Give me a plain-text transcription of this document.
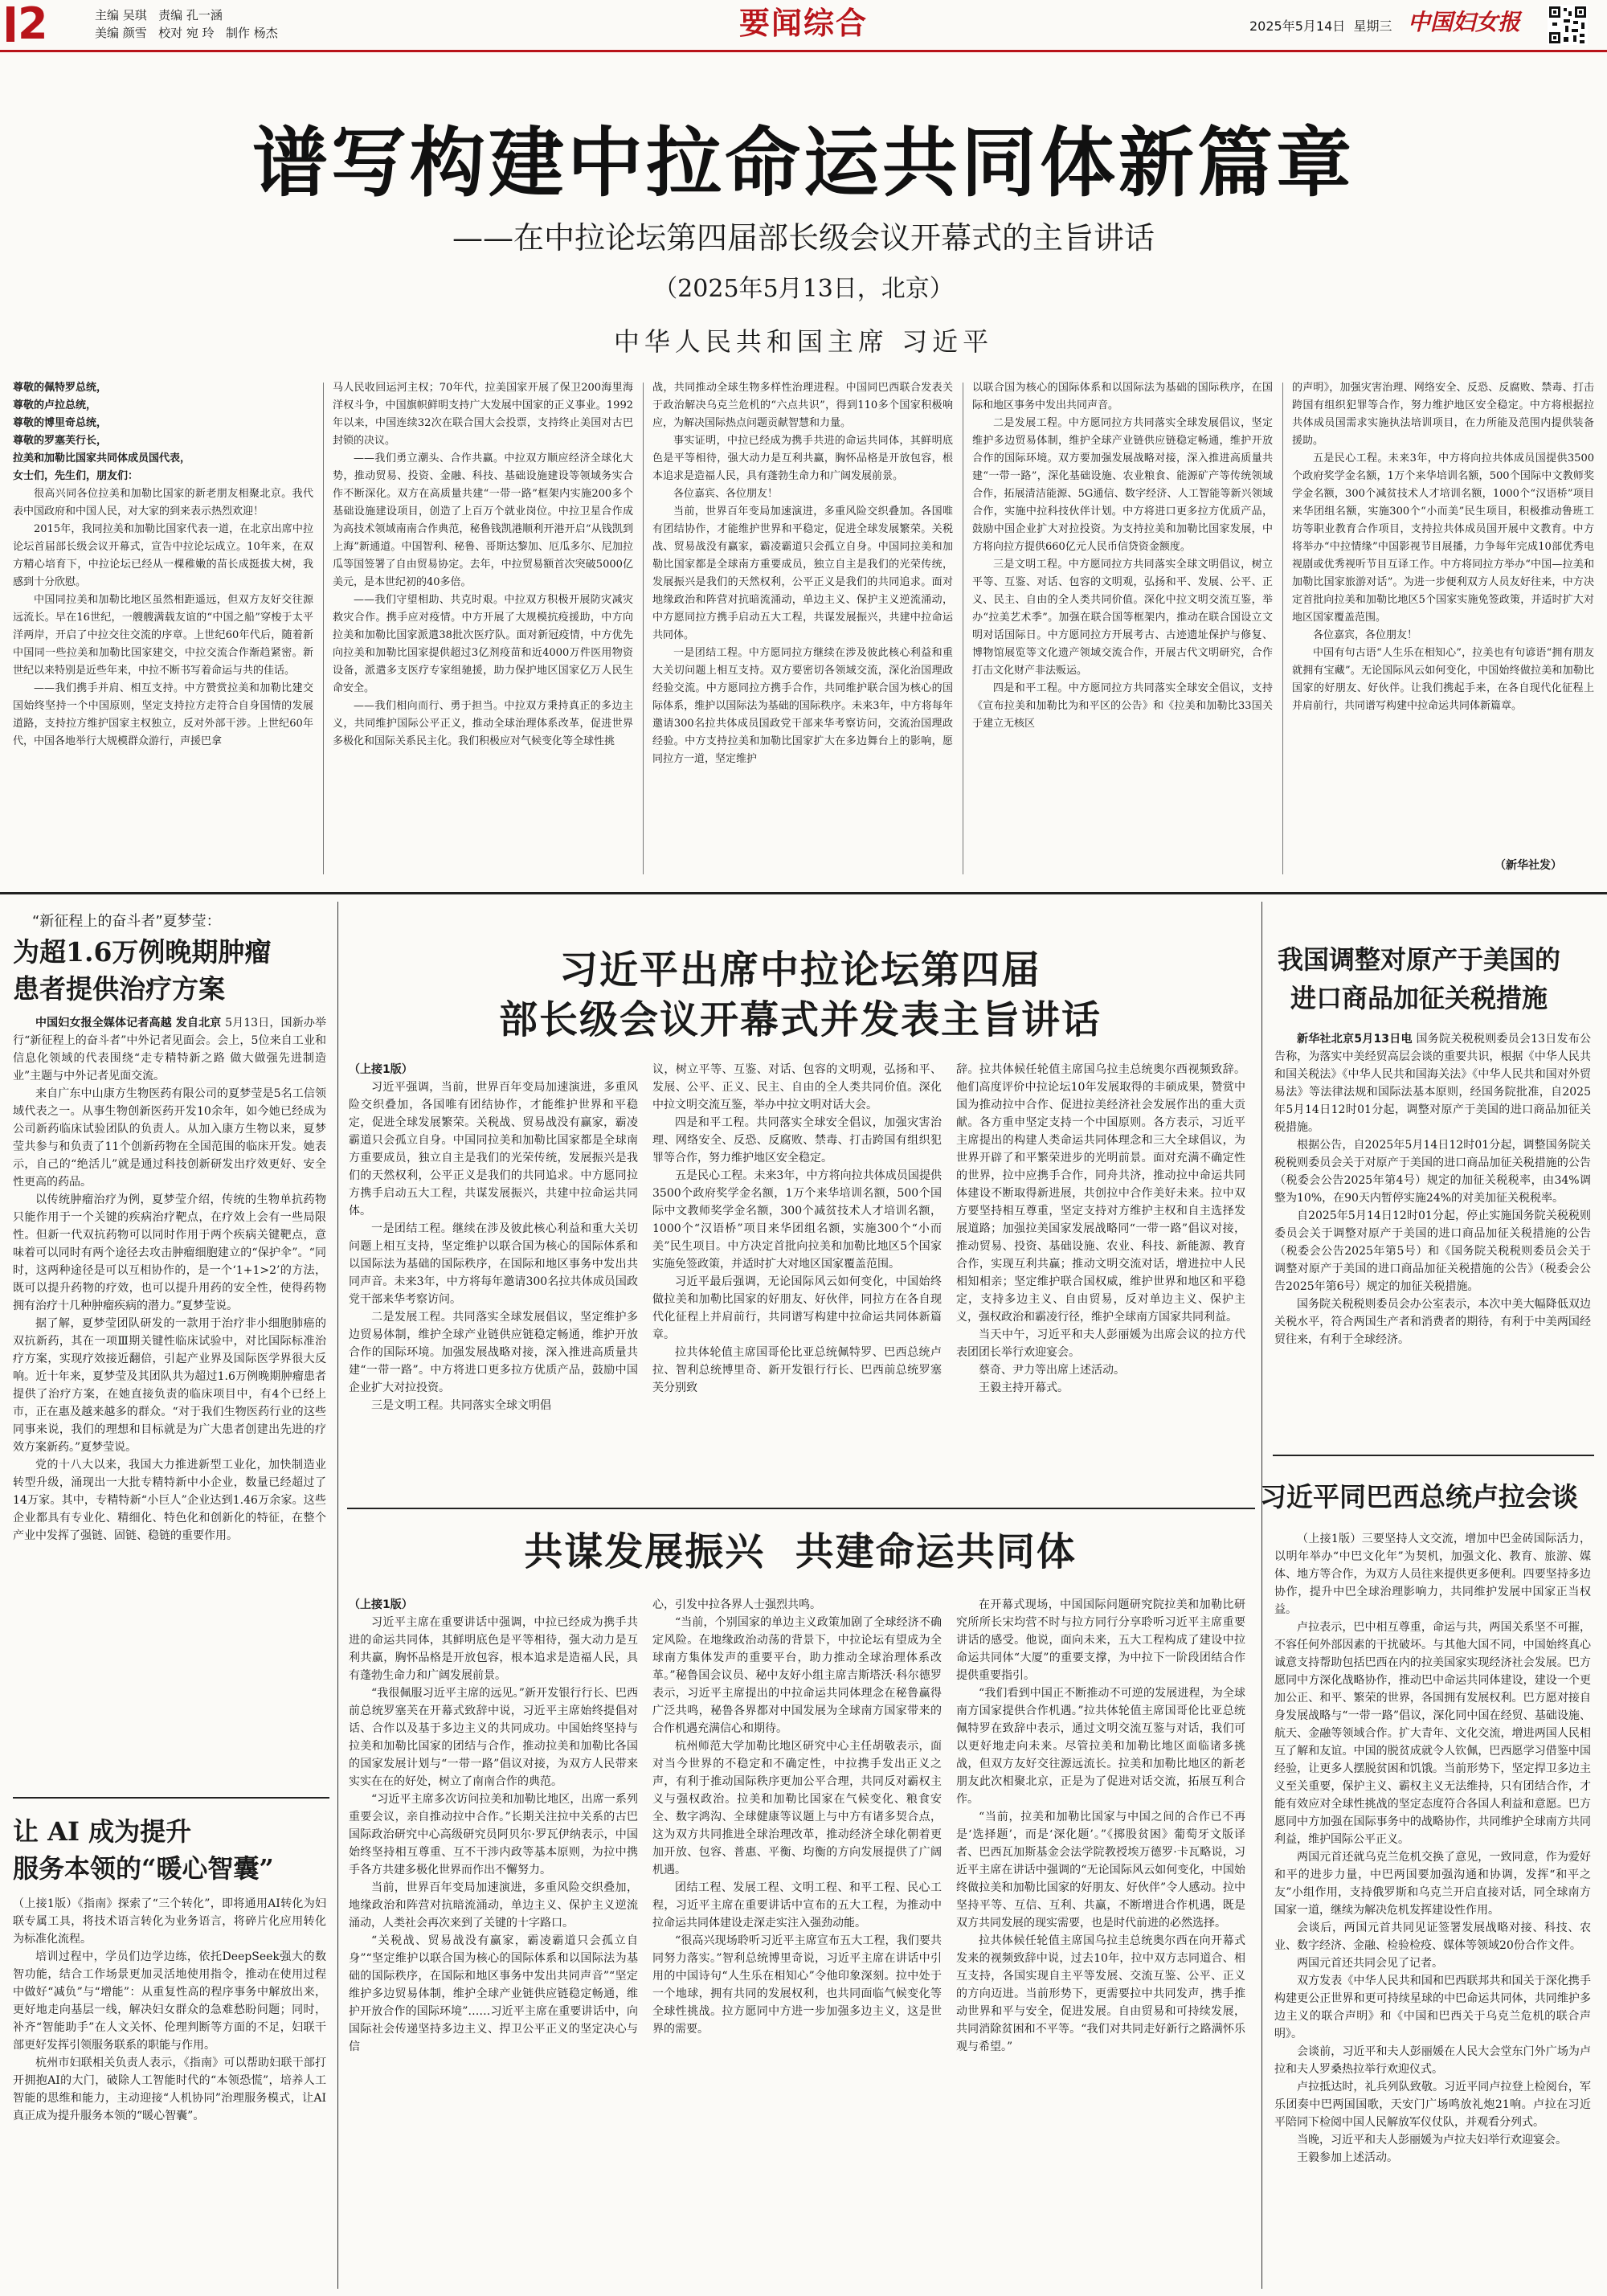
2	主编 吴琪 责编 孔一涵
美编 颜雪 校对 宛 玲 制作 杨杰	要闻综合	2025年5月14日 星期三 中国妇女报
谱写构建中拉命运共同体新篇章
——在中拉论坛第四届部长级会议开幕式的主旨讲话
（2025年5月13日，北京）
中华人民共和国主席 习近平
尊敬的佩特罗总统，
尊敬的卢拉总统，
尊敬的博里奇总统，
尊敬的罗塞芙行长，
拉美和加勒比国家共同体成员国代表，
女士们，先生们，朋友们：

很高兴同各位拉美和加勒比国家的新老朋友相聚北京。我代表中国政府和中国人民，对大家的到来表示热烈欢迎！

2015年，我同拉美和加勒比国家代表一道，在北京出席中拉论坛首届部长级会议开幕式，宣告中拉论坛成立。10年来，在双方精心培育下，中拉论坛已经从一棵稚嫩的苗长成挺拔大树，我感到十分欣慰。

中国同拉美和加勒比地区虽然相距遥远，但双方友好交往源远流长。早在16世纪，一艘艘满载友谊的“中国之船”穿梭于太平洋两岸，开启了中拉交往交流的序章。上世纪60年代后，随着新中国同一些拉美和加勒比国家建交，中拉交流合作渐趋紧密。新世纪以来特别是近些年来，中拉不断书写着命运与共的佳话。

——我们携手并肩、相互支持。中方赞赏拉美和加勒比建交国始终坚持一个中国原则，坚定支持拉方走符合自身国情的发展道路，支持拉方维护国家主权独立，反对外部干涉。上世纪60年代，中国各地举行大规模群众游行，声援巴拿

马人民收回运河主权；70年代，拉美国家开展了保卫200海里海洋权斗争，中国旗帜鲜明支持广大发展中国家的正义事业。1992年以来，中国连续32次在联合国大会投票，支持终止美国对古巴封锁的决议。

——我们勇立潮头、合作共赢。中拉双方顺应经济全球化大势，推动贸易、投资、金融、科技、基础设施建设等领域务实合作不断深化。双方在高质量共建“一带一路”框架内实施200多个基础设施建设项目，创造了上百万个就业岗位。中拉卫星合作成为高技术领域南南合作典范，秘鲁钱凯港顺利开港开启“从钱凯到上海”新通道。中国智利、秘鲁、哥斯达黎加、厄瓜多尔、尼加拉瓜等国签署了自由贸易协定。去年，中拉贸易额首次突破5000亿美元，是本世纪初的40多倍。

——我们守望相助、共克时艰。中拉双方积极开展防灾减灾救灾合作。携手应对疫情。中方开展了大规模抗疫援助，中方向拉美和加勒比国家派遣38批次医疗队。面对新冠疫情，中方优先向拉美和加勒比国家提供超过3亿剂疫苗和近4000万件医用物资设备，派遣多支医疗专家组驰援，助力保护地区国家亿万人民生命安全。

——我们相向而行、勇于担当。中拉双方秉持真正的多边主义，共同维护国际公平正义，推动全球治理体系改革，促进世界多极化和国际关系民主化。我们积极应对气候变化等全球性挑

战，共同推动全球生物多样性治理进程。中国同巴西联合发表关于政治解决乌克兰危机的“六点共识”，得到110多个国家积极响应，为解决国际热点问题贡献智慧和力量。

事实证明，中拉已经成为携手共进的命运共同体，其鲜明底色是平等相待，强大动力是互利共赢，胸怀品格是开放包容，根本追求是造福人民，具有蓬勃生命力和广阔发展前景。

各位嘉宾、各位朋友！

当前，世界百年变局加速演进，多重风险交织叠加。各国唯有团结协作，才能维护世界和平稳定，促进全球发展繁荣。关税战、贸易战没有赢家，霸凌霸道只会孤立自身。中国同拉美和加勒比国家都是全球南方重要成员，独立自主是我们的光荣传统，发展振兴是我们的天然权利，公平正义是我们的共同追求。面对地缘政治和阵营对抗暗流涌动，单边主义、保护主义逆流涌动，中方愿同拉方携手启动五大工程，共谋发展振兴，共建中拉命运共同体。

一是团结工程。中方愿同拉方继续在涉及彼此核心利益和重大关切问题上相互支持。双方要密切各领域交流，深化治国理政经验交流。中方愿同拉方携手合作，共同维护联合国为核心的国际体系，维护以国际法为基础的国际秩序。未来3年，中方将每年邀请300名拉共体成员国政党干部来华考察访问，交流治国理政经验。中方支持拉美和加勒比国家扩大在多边舞台上的影响，愿同拉方一道，坚定维护

以联合国为核心的国际体系和以国际法为基础的国际秩序，在国际和地区事务中发出共同声音。

二是发展工程。中方愿同拉方共同落实全球发展倡议，坚定维护多边贸易体制，维护全球产业链供应链稳定畅通，维护开放合作的国际环境。双方要加强发展战略对接，深入推进高质量共建“一带一路”，深化基础设施、农业粮食、能源矿产等传统领域合作，拓展清洁能源、5G通信、数字经济、人工智能等新兴领域合作，实施中拉科技伙伴计划。中方将进口更多拉方优质产品，鼓励中国企业扩大对拉投资。为支持拉美和加勒比国家发展，中方将向拉方提供660亿元人民币信贷资金额度。

三是文明工程。中方愿同拉方共同落实全球文明倡议，树立平等、互鉴、对话、包容的文明观，弘扬和平、发展、公平、正义、民主、自由的全人类共同价值。深化中拉文明交流互鉴，举办“拉美艺术季”。加强在联合国等框架内，推动在联合国设立文明对话国际日。中方愿同拉方开展考古、古迹遗址保护与修复、博物馆展览等文化遗产领域交流合作，开展古代文明研究，合作打击文化财产非法贩运。

四是和平工程。中方愿同拉方共同落实全球安全倡议，支持《宣布拉美和加勒比为和平区的公告》和《拉美和加勒比33国关于建立无核区

的声明》，加强灾害治理、网络安全、反恐、反腐败、禁毒、打击跨国有组织犯罪等合作，努力维护地区安全稳定。中方将根据拉共体成员国需求实施执法培训项目，在力所能及范围内提供装备援助。

五是民心工程。未来3年，中方将向拉共体成员国提供3500个政府奖学金名额，1万个来华培训名额，500个国际中文教师奖学金名额，300个减贫技术人才培训名额，1000个“汉语桥”项目来华团组名额，实施300个“小而美”民生项目，积极推动鲁班工坊等职业教育合作项目，支持拉共体成员国开展中文教育。中方将举办“中拉情缘”中国影视节目展播，力争每年完成10部优秀电视剧或优秀视听节目互译工作。中方将同拉方举办“中国—拉美和加勒比国家旅游对话”。为进一步便利双方人员友好往来，中方决定首批向拉美和加勒比地区5个国家实施免签政策，并适时扩大对地区国家覆盖范围。

各位嘉宾，各位朋友！

中国有句古语“人生乐在相知心”，拉美也有句谚语“拥有朋友就拥有宝藏”。无论国际风云如何变化，中国始终做拉美和加勒比国家的好朋友、好伙伴。让我们携起手来，在各自现代化征程上并肩前行，共同谱写构建中拉命运共同体新篇章。

（新华社发）
“新征程上的奋斗者”夏梦莹：
为超1.6万例晚期肿瘤
患者提供治疗方案

中国妇女报全媒体记者高越 发自北京 5月13日，国新办举行“新征程上的奋斗者”中外记者见面会。会上，5位来自工业和信息化领域的代表围绕“走专精特新之路 做大做强先进制造业”主题与中外记者见面交流。

来自广东中山康方生物医药有限公司的夏梦莹是5名工信领域代表之一。从事生物创新医药开发10余年，如今她已经成为公司新药临床试验团队的负责人。从加入康方生物以来，夏梦莹共参与和负责了11个创新药物在全国范围的临床开发。她表示，自己的“绝活儿”就是通过科技创新研发出疗效更好、安全性更高的药品。

以传统肿瘤治疗为例，夏梦莹介绍，传统的生物单抗药物只能作用于一个关键的疾病治疗靶点，在疗效上会有一些局限性。但新一代双抗药物可以同时作用于两个疾病关键靶点，意味着可以同时有两个途径去攻击肿瘤细胞建立的“保护伞”。“同时，这两种途径是可以互相协作的，是一个‘1+1>2’的方法，既可以提升药物的疗效，也可以提升用药的安全性，使得药物拥有治疗十几种肿瘤疾病的潜力。”夏梦莹说。

据了解，夏梦莹团队研发的一款用于治疗非小细胞肺癌的双抗新药，其在一项Ⅲ期关键性临床试验中，对比国际标准治疗方案，实现疗效接近翻倍，引起产业界及国际医学界很大反响。近十年来，夏梦莹及其团队共为超过1.6万例晚期肿瘤患者提供了治疗方案，在她直接负责的临床项目中，有4个已经上市，正在惠及越来越多的群众。“对于我们生物医药行业的这些同事来说，我们的理想和目标就是为广大患者创建出先进的疗效方案新药。”夏梦莹说。

党的十八大以来，我国大力推进新型工业化，加快制造业转型升级，涌现出一大批专精特新中小企业，数量已经超过了14万家。其中，专精特新“小巨人”企业达到1.46万余家。这些企业都具有专业化、精细化、特色化和创新化的特征，在整个产业中发挥了强链、固链、稳链的重要作用。

让 AI 成为提升
服务本领的“暖心智囊”

（上接1版）《指南》探索了“三个转化”，即将通用AI转化为妇联专属工具，将技术语言转化为业务语言，将碎片化应用转化为标准化流程。

培训过程中，学员们边学边练，依托DeepSeek强大的数智功能，结合工作场景更加灵活地使用指令，推动在使用过程中做好“减负”与“增能”：从重复性高的程序事务中解放出来，更好地走向基层一线，解决妇女群众的急难愁盼问题；同时，补齐“智能助手”在人文关怀、伦理判断等方面的不足，妇联干部更好发挥引领服务联系的职能与作用。

杭州市妇联相关负责人表示，《指南》可以帮助妇联干部打开拥抱AI的大门，破除人工智能时代的“本领恐慌”，培养人工智能的思维和能力，主动迎接“人机协同”治理服务模式，让AI真正成为提升服务本领的“暖心智囊”。

习近平出席中拉论坛第四届
部长级会议开幕式并发表主旨讲话

（上接1版）

习近平强调，当前，世界百年变局加速演进，多重风险交织叠加，各国唯有团结协作，才能维护世界和平稳定，促进全球发展繁荣。关税战、贸易战没有赢家，霸凌霸道只会孤立自身。中国同拉美和加勒比国家都是全球南方重要成员，独立自主是我们的光荣传统，发展振兴是我们的天然权利，公平正义是我们的共同追求。中方愿同拉方携手启动五大工程，共谋发展振兴，共建中拉命运共同体。

一是团结工程。继续在涉及彼此核心利益和重大关切问题上相互支持，坚定维护以联合国为核心的国际体系和以国际法为基础的国际秩序，在国际和地区事务中发出共同声音。未来3年，中方将每年邀请300名拉共体成员国政党干部来华考察访问。

二是发展工程。共同落实全球发展倡议，坚定维护多边贸易体制，维护全球产业链供应链稳定畅通，维护开放合作的国际环境。加强发展战略对接，深入推进高质量共建“一带一路”。中方将进口更多拉方优质产品，鼓励中国企业扩大对拉投资。

三是文明工程。共同落实全球文明倡

议，树立平等、互鉴、对话、包容的文明观，弘扬和平、发展、公平、正义、民主、自由的全人类共同价值。深化中拉文明交流互鉴，举办中拉文明对话大会。

四是和平工程。共同落实全球安全倡议，加强灾害治理、网络安全、反恐、反腐败、禁毒、打击跨国有组织犯罪等合作，努力维护地区安全稳定。

五是民心工程。未来3年，中方将向拉共体成员国提供3500个政府奖学金名额，1万个来华培训名额，500个国际中文教师奖学金名额，300个减贫技术人才培训名额，1000个“汉语桥”项目来华团组名额，实施300个“小而美”民生项目。中方决定首批向拉美和加勒比地区5个国家实施免签政策，并适时扩大对地区国家覆盖范围。

习近平最后强调，无论国际风云如何变化，中国始终做拉美和加勒比国家的好朋友、好伙伴，同拉方在各自现代化征程上并肩前行，共同谱写构建中拉命运共同体新篇章。

拉共体轮值主席国哥伦比亚总统佩特罗、巴西总统卢拉、智利总统博里奇、新开发银行行长、巴西前总统罗塞芙分别致

辞。拉共体候任轮值主席国乌拉圭总统奥尔西视频致辞。他们高度评价中拉论坛10年发展取得的丰硕成果，赞赏中国为推动拉中合作、促进拉美经济社会发展作出的重大贡献。各方重申坚定支持一个中国原则。各方表示，习近平主席提出的构建人类命运共同体理念和三大全球倡议，为世界开辟了和平繁荣进步的光明前景。面对充满不确定性的世界，拉中应携手合作，同舟共济，推动拉中命运共同体建设不断取得新进展，共创拉中合作美好未来。拉中双方要坚持相互尊重，坚定支持对方维护主权和自主选择发展道路；加强拉美国家发展战略同“一带一路”倡议对接，推动贸易、投资、基础设施、农业、科技、新能源、教育合作，实现互利共赢；推动文明交流对话，增进拉中人民相知相亲；坚定维护联合国权威，维护世界和地区和平稳定，支持多边主义、自由贸易，反对单边主义、保护主义，强权政治和霸凌行径，维护全球南方国家共同利益。

当天中午，习近平和夫人彭丽媛为出席会议的拉方代表团团长举行欢迎宴会。

蔡奇、尹力等出席上述活动。

王毅主持开幕式。

共谋发展振兴  共建命运共同体

（上接1版）

习近平主席在重要讲话中强调，中拉已经成为携手共进的命运共同体，其鲜明底色是平等相待，强大动力是互利共赢，胸怀品格是开放包容，根本追求是造福人民，具有蓬勃生命力和广阔发展前景。

“我很佩服习近平主席的远见。”新开发银行行长、巴西前总统罗塞芙在开幕式致辞中说，习近平主席始终提倡对话、合作以及基于多边主义的共同成功。中国始终坚持与拉美和加勒比国家的团结与合作，推动拉美和加勒比各国的国家发展计划与“一带一路”倡议对接，为双方人民带来实实在在的好处，树立了南南合作的典范。

“习近平主席多次访问拉美和加勒比地区，出席一系列重要会议，亲自推动拉中合作。”长期关注拉中关系的古巴国际政治研究中心高级研究员阿贝尔·罗瓦伊纳表示，中国始终坚持相互尊重、互不干涉内政等基本原则，为拉中携手各方共建多极化世界而作出不懈努力。

当前，世界百年变局加速演进，多重风险交织叠加，地缘政治和阵营对抗暗流涌动，单边主义、保护主义逆流涌动，人类社会再次来到了关键的十字路口。

“关税战、贸易战没有赢家，霸凌霸道只会孤立自身”“坚定维护以联合国为核心的国际体系和以国际法为基础的国际秩序，在国际和地区事务中发出共同声音”“坚定维护多边贸易体制，维护全球产业链供应链稳定畅通，维护开放合作的国际环境”……习近平主席在重要讲话中，向国际社会传递坚持多边主义、捍卫公平正义的坚定决心与信

心，引发中拉各界人士强烈共鸣。

“当前，个别国家的单边主义政策加剧了全球经济不确定风险。在地缘政治动荡的背景下，中拉论坛有望成为全球南方集体发声的重要平台，助力推动全球治理体系改革。”秘鲁国会议员、秘中友好小组主席吉斯塔沃·科尔德罗表示，习近平主席提出的中拉命运共同体理念在秘鲁赢得广泛共鸣，秘鲁各界都对中国发展为全球南方国家带来的合作机遇充满信心和期待。

杭州师范大学加勒比地区研究中心主任胡敬表示，面对当今世界的不稳定和不确定性，中拉携手发出正义之声，有利于推动国际秩序更加公平合理，共同反对霸权主义与强权政治。拉美和加勒比国家在气候变化、粮食安全、数字鸿沟、全球健康等议题上与中方有诸多契合点，这为双方共同推进全球治理改革，推动经济全球化朝着更加开放、包容、普惠、平衡、均衡的方向发展提供了广阔机遇。

团结工程、发展工程、文明工程、和平工程、民心工程，习近平主席在重要讲话中宣布的五大工程，为推动中拉命运共同体建设走深走实注入强劲动能。

“很高兴现场聆听习近平主席宣布五大工程，我们要共同努力落实。”智利总统博里奇说，习近平主席在讲话中引用的中国诗句“人生乐在相知心”令他印象深刻。拉中处于一个地球，拥有共同的发展权利，也共同面临气候变化等全球性挑战。拉方愿同中方进一步加强多边主义，这是世界的需要。

在开幕式现场，中国国际问题研究院拉美和加勒比研究所所长宋均营不时与拉方同行分享聆听习近平主席重要讲话的感受。他说，面向未来，五大工程构成了建设中拉命运共同体“大厦”的重要支撑，为中拉下一阶段团结合作提供重要指引。

“我们看到中国正不断推动不可逆的发展进程，为全球南方国家提供合作机遇。”拉共体轮值主席国哥伦比亚总统佩特罗在致辞中表示，通过文明交流互鉴与对话，我们可以更好地走向未来。尽管拉美和加勒比地区面临诸多挑战，但双方友好交往源远流长。拉美和加勒比地区的新老朋友此次相聚北京，正是为了促进对话交流，拓展互利合作。

“当前，拉美和加勒比国家与中国之间的合作已不再是‘选择题’，而是‘深化题’。”《掷股贫困》葡萄牙文版译者、巴西瓦加斯基金会法学院教授埃万德罗·卡瓦略说，习近平主席在讲话中强调的“无论国际风云如何变化，中国始终做拉美和加勒比国家的好朋友、好伙伴”令人感动。拉中坚持平等、互信、互利、共赢，不断增进合作机遇，既是双方共同发展的现实需要，也是时代前进的必然选择。

拉共体候任轮值主席国乌拉圭总统奥尔西在向开幕式发来的视频致辞中说，过去10年，拉中双方志同道合、相互支持，各国实现自主平等发展、交流互鉴、公平、正义的方向迈进。当前形势下，更需要拉中共同发声，携手推动世界和平与安全，促进发展。自由贸易和可持续发展，共同消除贫困和不平等。“我们对共同走好新行之路满怀乐观与希望。”

我国调整对原产于美国的
进口商品加征关税措施

新华社北京5月13日电 国务院关税税则委员会13日发布公告称，为落实中美经贸高层会谈的重要共识，根据《中华人民共和国关税法》《中华人民共和国海关法》《中华人民共和国对外贸易法》等法律法规和国际法基本原则，经国务院批准，自2025年5月14日12时01分起，调整对原产于美国的进口商品加征关税措施。

根据公告，自2025年5月14日12时01分起，调整国务院关税税则委员会关于对原产于美国的进口商品加征关税措施的公告（税委会公告2025年第4号）规定的加征关税税率，由34%调整为10%，在90天内暂停实施24%的对美加征关税税率。

自2025年5月14日12时01分起，停止实施国务院关税税则委员会关于调整对原产于美国的进口商品加征关税措施的公告（税委会公告2025年第5号）和《国务院关税税则委员会关于调整对原产于美国的进口商品加征关税措施的公告》（税委会公告2025年第6号）规定的加征关税措施。

国务院关税税则委员会办公室表示，本次中美大幅降低双边关税水平，符合两国生产者和消费者的期待，有利于中美两国经贸往来，有利于全球经济。

习近平同巴西总统卢拉会谈

（上接1版）三要坚持人文交流，增加中巴金砖国际活力，以明年举办“中巴文化年”为契机，加强文化、教育、旅游、媒体、地方等合作，为双方人员往来提供更多便利。四要坚持多边协作，提升中巴全球治理影响力，共同维护发展中国家正当权益。

卢拉表示，巴中相互尊重，命运与共，两国关系坚不可摧，不容任何外部因素的干扰破坏。与其他大国不同，中国始终真心诚意支持帮助包括巴西在内的拉美国家实现经济社会发展。巴方愿同中方深化战略协作，推动巴中命运共同体建设，建设一个更加公正、和平、繁荣的世界，各国拥有发展权利。巴方愿对接自身发展战略与“一带一路”倡议，深化同中国在经贸、基础设施、航天、金融等领域合作。扩大青年、文化交流，增进两国人民相互了解和友谊。中国的脱贫成就令人钦佩，巴西愿学习借鉴中国经验，让更多人摆脱贫困和饥饿。当前形势下，坚定捍卫多边主义至关重要，保护主义、霸权主义无法维持，只有团结合作，才能有效应对全球性挑战的坚定态度符合各国人利益和意愿。巴方愿同中方加强在国际事务中的战略协作，共同维护全球南方共同利益，维护国际公平正义。

两国元首还就乌克兰危机交换了意见，一致同意，作为爱好和平的进步力量，中巴两国要加强沟通和协调，发挥“和平之友”小组作用，支持俄罗斯和乌克兰开启直接对话，同全球南方国家一道，继续为解决危机发挥建设性作用。

会谈后，两国元首共同见证签署发展战略对接、科技、农业、数字经济、金融、检验检疫、媒体等领域20份合作文件。

两国元首还共同会见了记者。

双方发表《中华人民共和国和巴西联邦共和国关于深化携手构建更公正世界和更可持续星球的中巴命运共同体，共同维护多边主义的联合声明》和《中国和巴西关于乌克兰危机的联合声明》。

会谈前，习近平和夫人彭丽媛在人民大会堂东门外广场为卢拉和夫人罗桑热拉举行欢迎仪式。

卢拉抵达时，礼兵列队致敬。习近平同卢拉登上检阅台，军乐团奏中巴两国国歌，天安门广场鸣放礼炮21响。卢拉在习近平陪同下检阅中国人民解放军仪仗队，并观看分列式。

当晚，习近平和夫人彭丽媛为卢拉夫妇举行欢迎宴会。

王毅参加上述活动。
